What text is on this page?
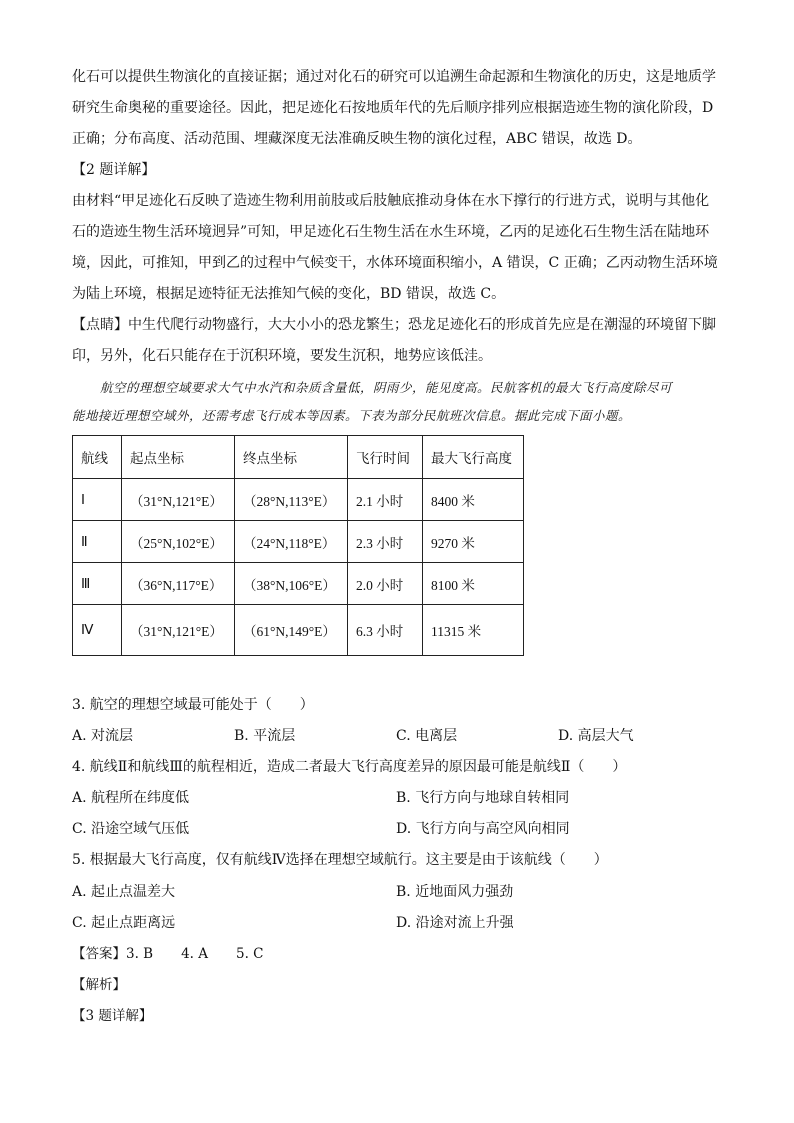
化石可以提供生物演化的直接证据；通过对化石的研究可以追溯生命起源和生物演化的历史，这是地质学

研究生命奥秘的重要途径。因此，把足迹化石按地质年代的先后顺序排列应根据造迹生物的演化阶段，D

正确；分布高度、活动范围、埋藏深度无法准确反映生物的演化过程，ABC 错误，故选 D。

【2 题详解】

由材料“甲足迹化石反映了造迹生物利用前肢或后肢触底推动身体在水下撑行的行进方式，说明与其他化

石的造迹生物生活环境迥异”可知，甲足迹化石生物生活在水生环境，乙丙的足迹化石生物生活在陆地环

境，因此，可推知，甲到乙的过程中气候变干，水体环境面积缩小，A 错误，C 正确；乙丙动物生活环境

为陆上环境，根据足迹特征无法推知气候的变化，BD 错误，故选 C。

【点睛】中生代爬行动物盛行，大大小小的恐龙繁生；恐龙足迹化石的形成首先应是在潮湿的环境留下脚

印，另外，化石只能存在于沉积环境，要发生沉积，地势应该低洼。

航空的理想空域要求大气中水汽和杂质含量低，阴雨少，能见度高。民航客机的最大飞行高度除尽可

能地接近理想空域外，还需考虑飞行成本等因素。下表为部分民航班次信息。据此完成下面小题。

航线	起点坐标	终点坐标	飞行时间	最大飞行高度
Ⅰ	（31°N,121°E）	（28°N,113°E）	2.1 小时	8400 米
Ⅱ	（25°N,102°E）	（24°N,118°E）	2.3 小时	9270 米
Ⅲ	（36°N,117°E）	（38°N,106°E）	2.0 小时	8100 米
Ⅳ	（31°N,121°E）	（61°N,149°E）	6.3 小时	11315 米

3. 航空的理想空域最可能处于（　　）

A. 对流层	B. 平流层	C. 电离层	D. 高层大气

4. 航线Ⅱ和航线Ⅲ的航程相近，造成二者最大飞行高度差异的原因最可能是航线Ⅱ（　　）

A. 航程所在纬度低	B. 飞行方向与地球自转相同
C. 沿途空域气压低	D. 飞行方向与高空风向相同

5. 根据最大飞行高度，仅有航线Ⅳ选择在理想空域航行。这主要是由于该航线（　　）

A. 起止点温差大	B. 近地面风力强劲
C. 起止点距离远	D. 沿途对流上升强
【答案】3. B 4. A 5. C
【解析】
【3 题详解】
